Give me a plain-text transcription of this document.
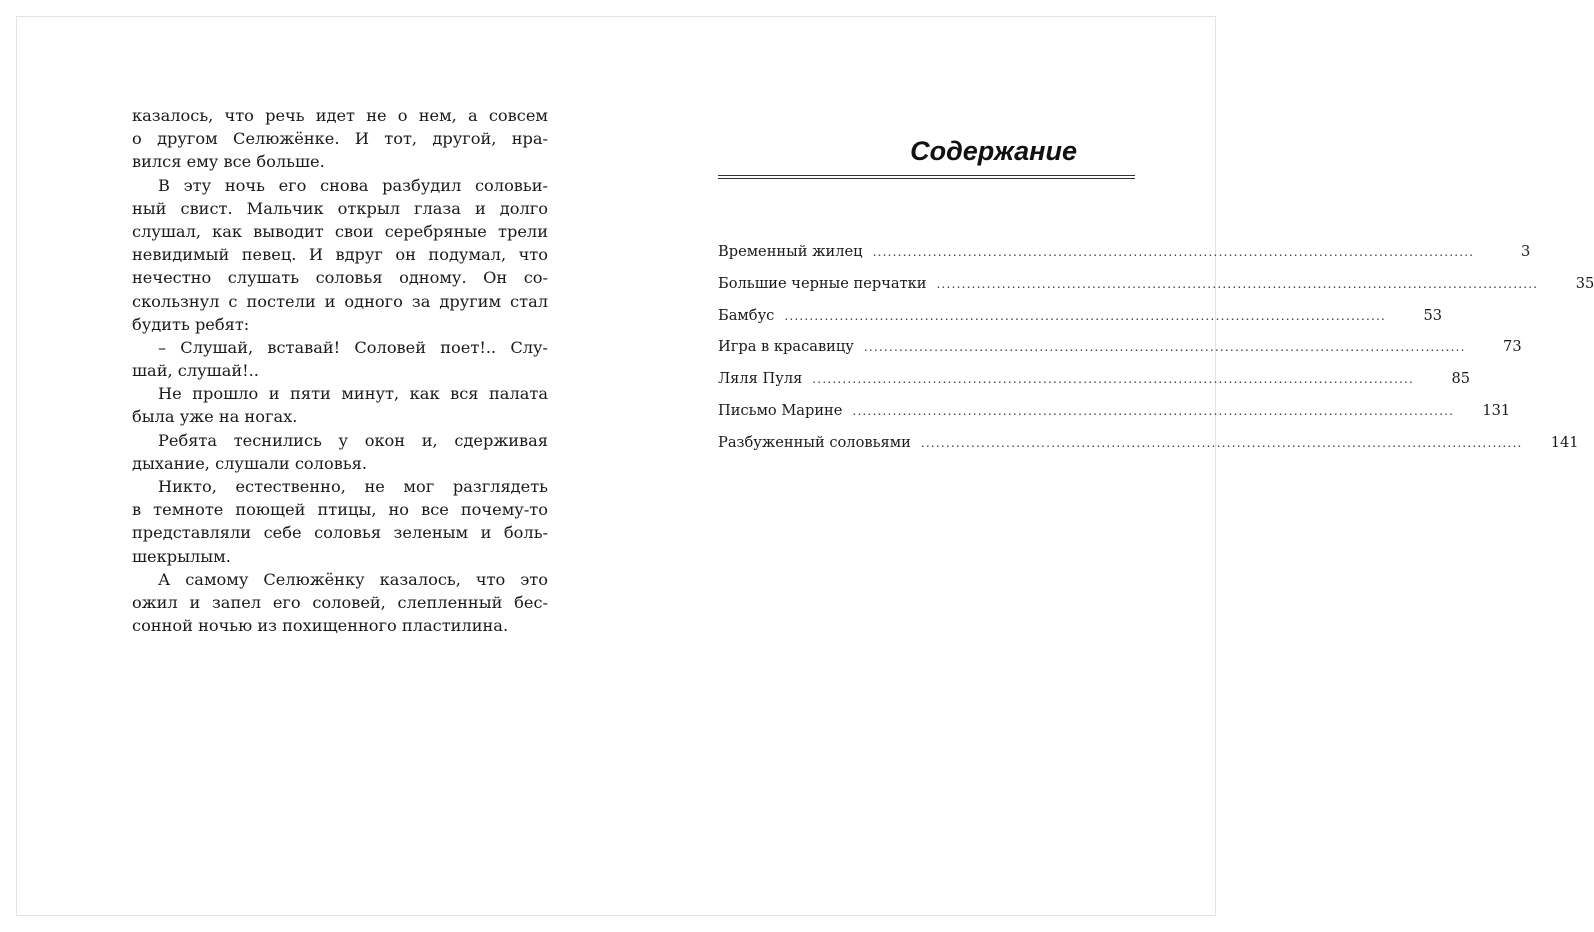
казалось, что речь идет не о нем, а совсем
о другом Селюжёнке. И тот, другой, нра-
вился ему все больше.
В эту ночь его снова разбудил соловьи-
ный свист. Мальчик открыл глаза и долго
слушал, как выводит свои серебряные трели
невидимый певец. И вдруг он подумал, что
нечестно слушать соловья одному. Он со-
скользнул с постели и одного за другим стал
будить ребят:
– Слушай, вставай! Соловей поет!.. Слу-
шай, слушай!..
Не прошло и пяти минут, как вся палата
была уже на ногах.
Ребята теснились у окон и, сдерживая
дыхание, слушали соловья.
Никто, естественно, не мог разглядеть
в темноте поющей птицы, но все почему-то
представляли себе соловья зеленым и боль-
шекрылым.
А самому Селюжёнку казалось, что это
ожил и запел его соловей, слепленный бес-
сонной ночью из похищенного пластилина.
Содержание
Временный жилец ........................................................................................................................	3
Большие черные перчатки ........................................................................................................................	35
Бамбус ........................................................................................................................	53
Игра в красавицу ........................................................................................................................	73
Ляля Пуля ........................................................................................................................	85
Письмо Марине ........................................................................................................................	131
Разбуженный соловьями ........................................................................................................................	141
